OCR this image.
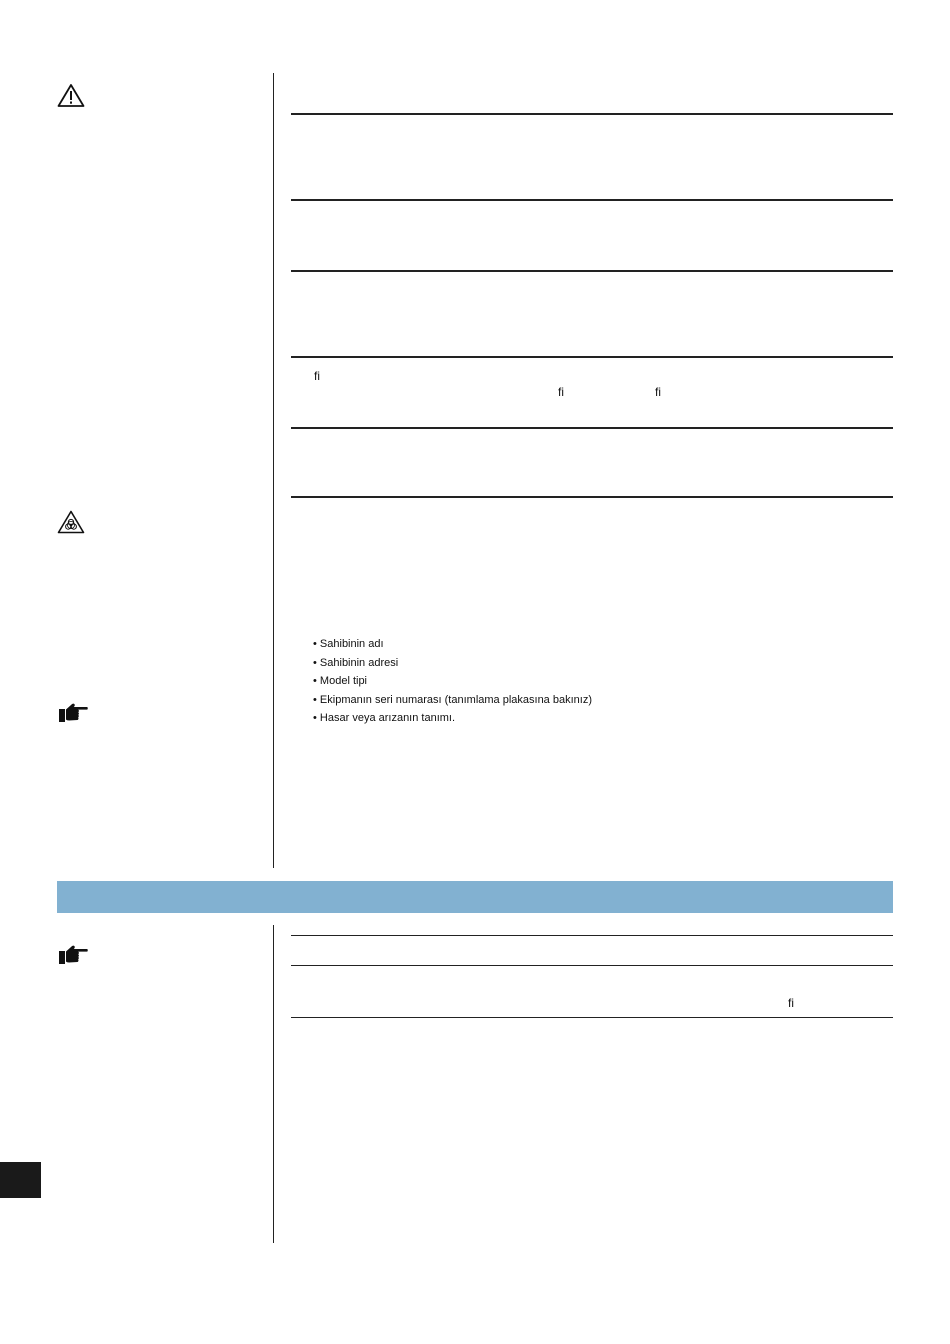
ﬁ
ﬁ	ﬁ
• Sahibinin adı
• Sahibinin adresi
• Model tipi
• Ekipmanın seri numarası (tanımlama plakasına bakınız)
• Hasar veya arızanın tanımı.
ﬁ
